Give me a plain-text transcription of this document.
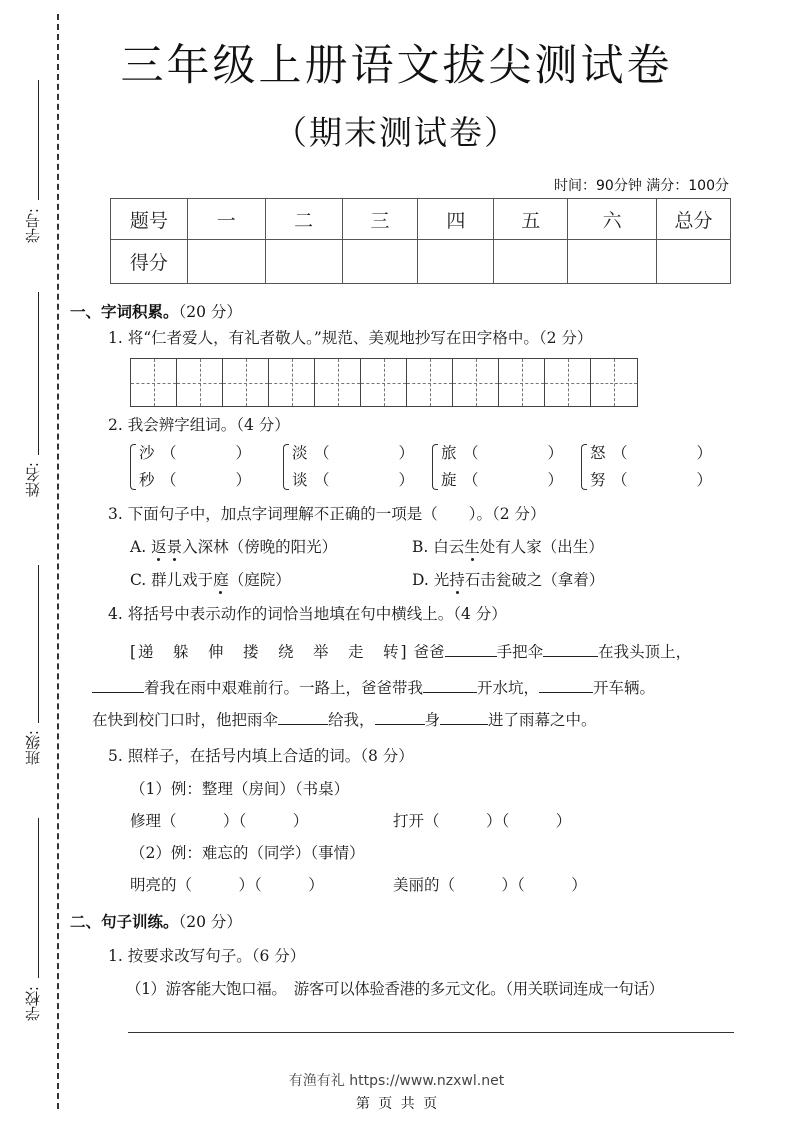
学号:
姓名:
班级:
学校:
三年级上册语文拔尖测试卷
（期末测试卷）
时间：90分钟 满分：100分
题号	一	二	三	四	五	六	总分
得分							
一、字词积累。（20 分）
1. 将“仁者爱人，有礼者敬人。”规范、美观地抄写在田字格中。（2 分）
2. 我会辨字组词。（4 分）
沙 （	）
秒 （	）
淡 （	）
谈 （	）
旅 （	）
旋 （	）
怒 （	）
努 （	）
3. 下面句子中，加点字词理解不正确的一项是（　　）。（2 分）
A. 返景入深林（傍晚的阳光）	B. 白云生处有人家（出生）
C. 群儿戏于庭（庭院）	D. 光持石击瓮破之（拿着）
4. 将括号中表示动作的词恰当地填在句中横线上。（4 分）
[递　躲　伸　搂　绕　举　走　转] 爸爸	手把伞	在我头顶上，
着我在雨中艰难前行。一路上，爸爸带我	开水坑，	开车辆。
在快到校门口时，他把雨伞	给我，	身	进了雨幕之中。
5. 照样子，在括号内填上合适的词。（8 分）
（1）例：整理（房间）（书桌）
修理（　　　）（　　　）	打开（　　　）（　　　）
（2）例：难忘的（同学）（事情）
明亮的（　　　）（　　　）	美丽的（　　　）（　　　）
二、句子训练。（20 分）
1. 按要求改写句子。（6 分）
（1）游客能大饱口福。　游客可以体验香港的多元文化。（用关联词连成一句话）
有渔有礼 https://www.nzxwl.net
第 页 共 页
